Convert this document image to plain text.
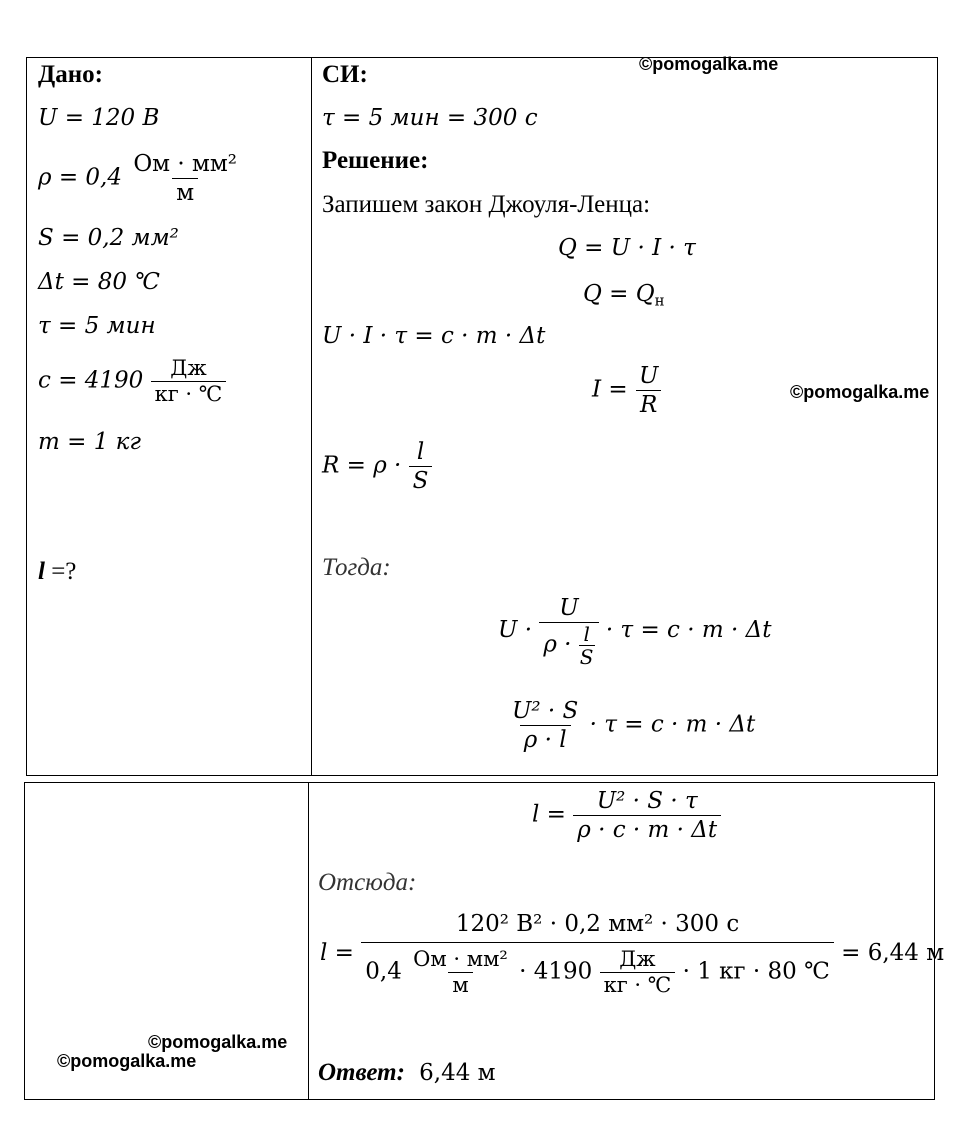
©pomogalka.me
©pomogalka.me
©pomogalka.me
©pomogalka.me
Дано:
U = 120 В
$\rho = 0,4 \frac{\text{Ом · мм²}}{м}$
S = 0,2 мм²
Δt = 80 ℃
τ = 5 мин
$c = 4190 \frac{Дж}{кг \cdot ℃}$
m = 1 кг
l =?
СИ:
τ = 5 мин = 300 с
Решение:
Запишем закон Джоуля-Ленца:
Q = U · I · τ
$Q = Q_н$
U · I · τ = c · m · Δt
$I = \frac{U}{R}$
$R = \rho \cdot \frac{l}{S}$
Тогда:
$U \cdot \frac{U}{\rho \cdot \frac{l}{S}} \cdot \tau = c \cdot m \cdot \Delta t$
$\frac{\text{U² · S}}{\rho \cdot l} \cdot \tau = c \cdot m \cdot \Delta t$
$l = \frac{\text{U² · S · τ}}{\rho \cdot c \cdot m \cdot \Delta t}$
Отсюда:
l =
120² В² · 0,2 мм² · 300 с
$0,4 \frac{\text{Ом · мм²}}{м} \cdot 4190 \frac{Дж}{кг \cdot ℃} \cdot 1$ кг · 80 ℃
= 6,44 м
Ответ: 6,44 м
